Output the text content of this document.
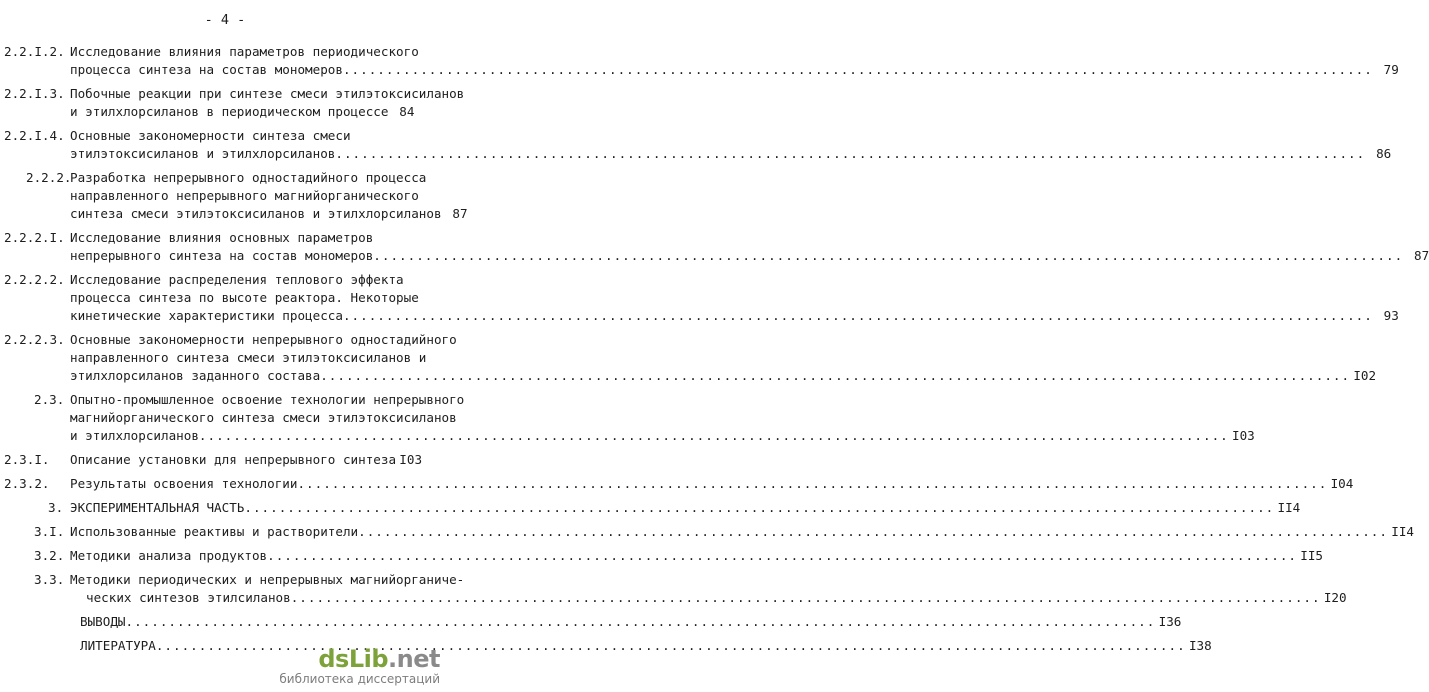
- 4 -
2.2.I.2. Исследование влияния параметров периодического
процесса синтеза на состав мономеров ........................................................................................................................ 79
2.2.I.3. Побочные реакции при синтезе смеси этилэтоксисиланов
и этилхлорсиланов в периодическом процессе 84
2.2.I.4. Основные закономерности синтеза смеси
этилэтоксисиланов и этилхлорсиланов ........................................................................................................................ 86
2.2.2.
Разработка непрерывного одностадийного процесса
направленного непрерывного магнийорганического
синтеза смеси этилэтоксисиланов и этилхлорсиланов 87
2.2.2.I. Исследование влияния основных параметров
непрерывного синтеза на состав мономеров ........................................................................................................................ 87
2.2.2.2. Исследование распределения теплового эффекта
процесса синтеза по высоте реактора. Некоторые
кинетические характеристики процесса ........................................................................................................................ 93
2.2.2.3. Основные закономерности непрерывного одностадийного
направленного синтеза смеси этилэтоксисиланов и
этилхлорсиланов заданного состава ........................................................................................................................ I02
2.3. Опытно-промышленное освоение технологии непрерывного
магнийорганического синтеза смеси этилэтоксисиланов
и этилхлорсиланов ........................................................................................................................ I03
2.3.I. Описание установки для непрерывного синтеза I03
2.3.2. Результаты освоения технологии ........................................................................................................................ I04
3. ЭКСПЕРИМЕНТАЛЬНАЯ ЧАСТЬ ........................................................................................................................ II4
3.I. Использованные реактивы и растворители ........................................................................................................................ II4
3.2. Методики анализа продуктов ........................................................................................................................ II5
3.3. Методики периодических и непрерывных магнийорганиче-
ческих синтезов этилсиланов ........................................................................................................................ I20
ВЫВОДЫ ........................................................................................................................ I36
ЛИТЕРАТУРА ........................................................................................................................ I38
dsLib.net
библиотека диссертаций
